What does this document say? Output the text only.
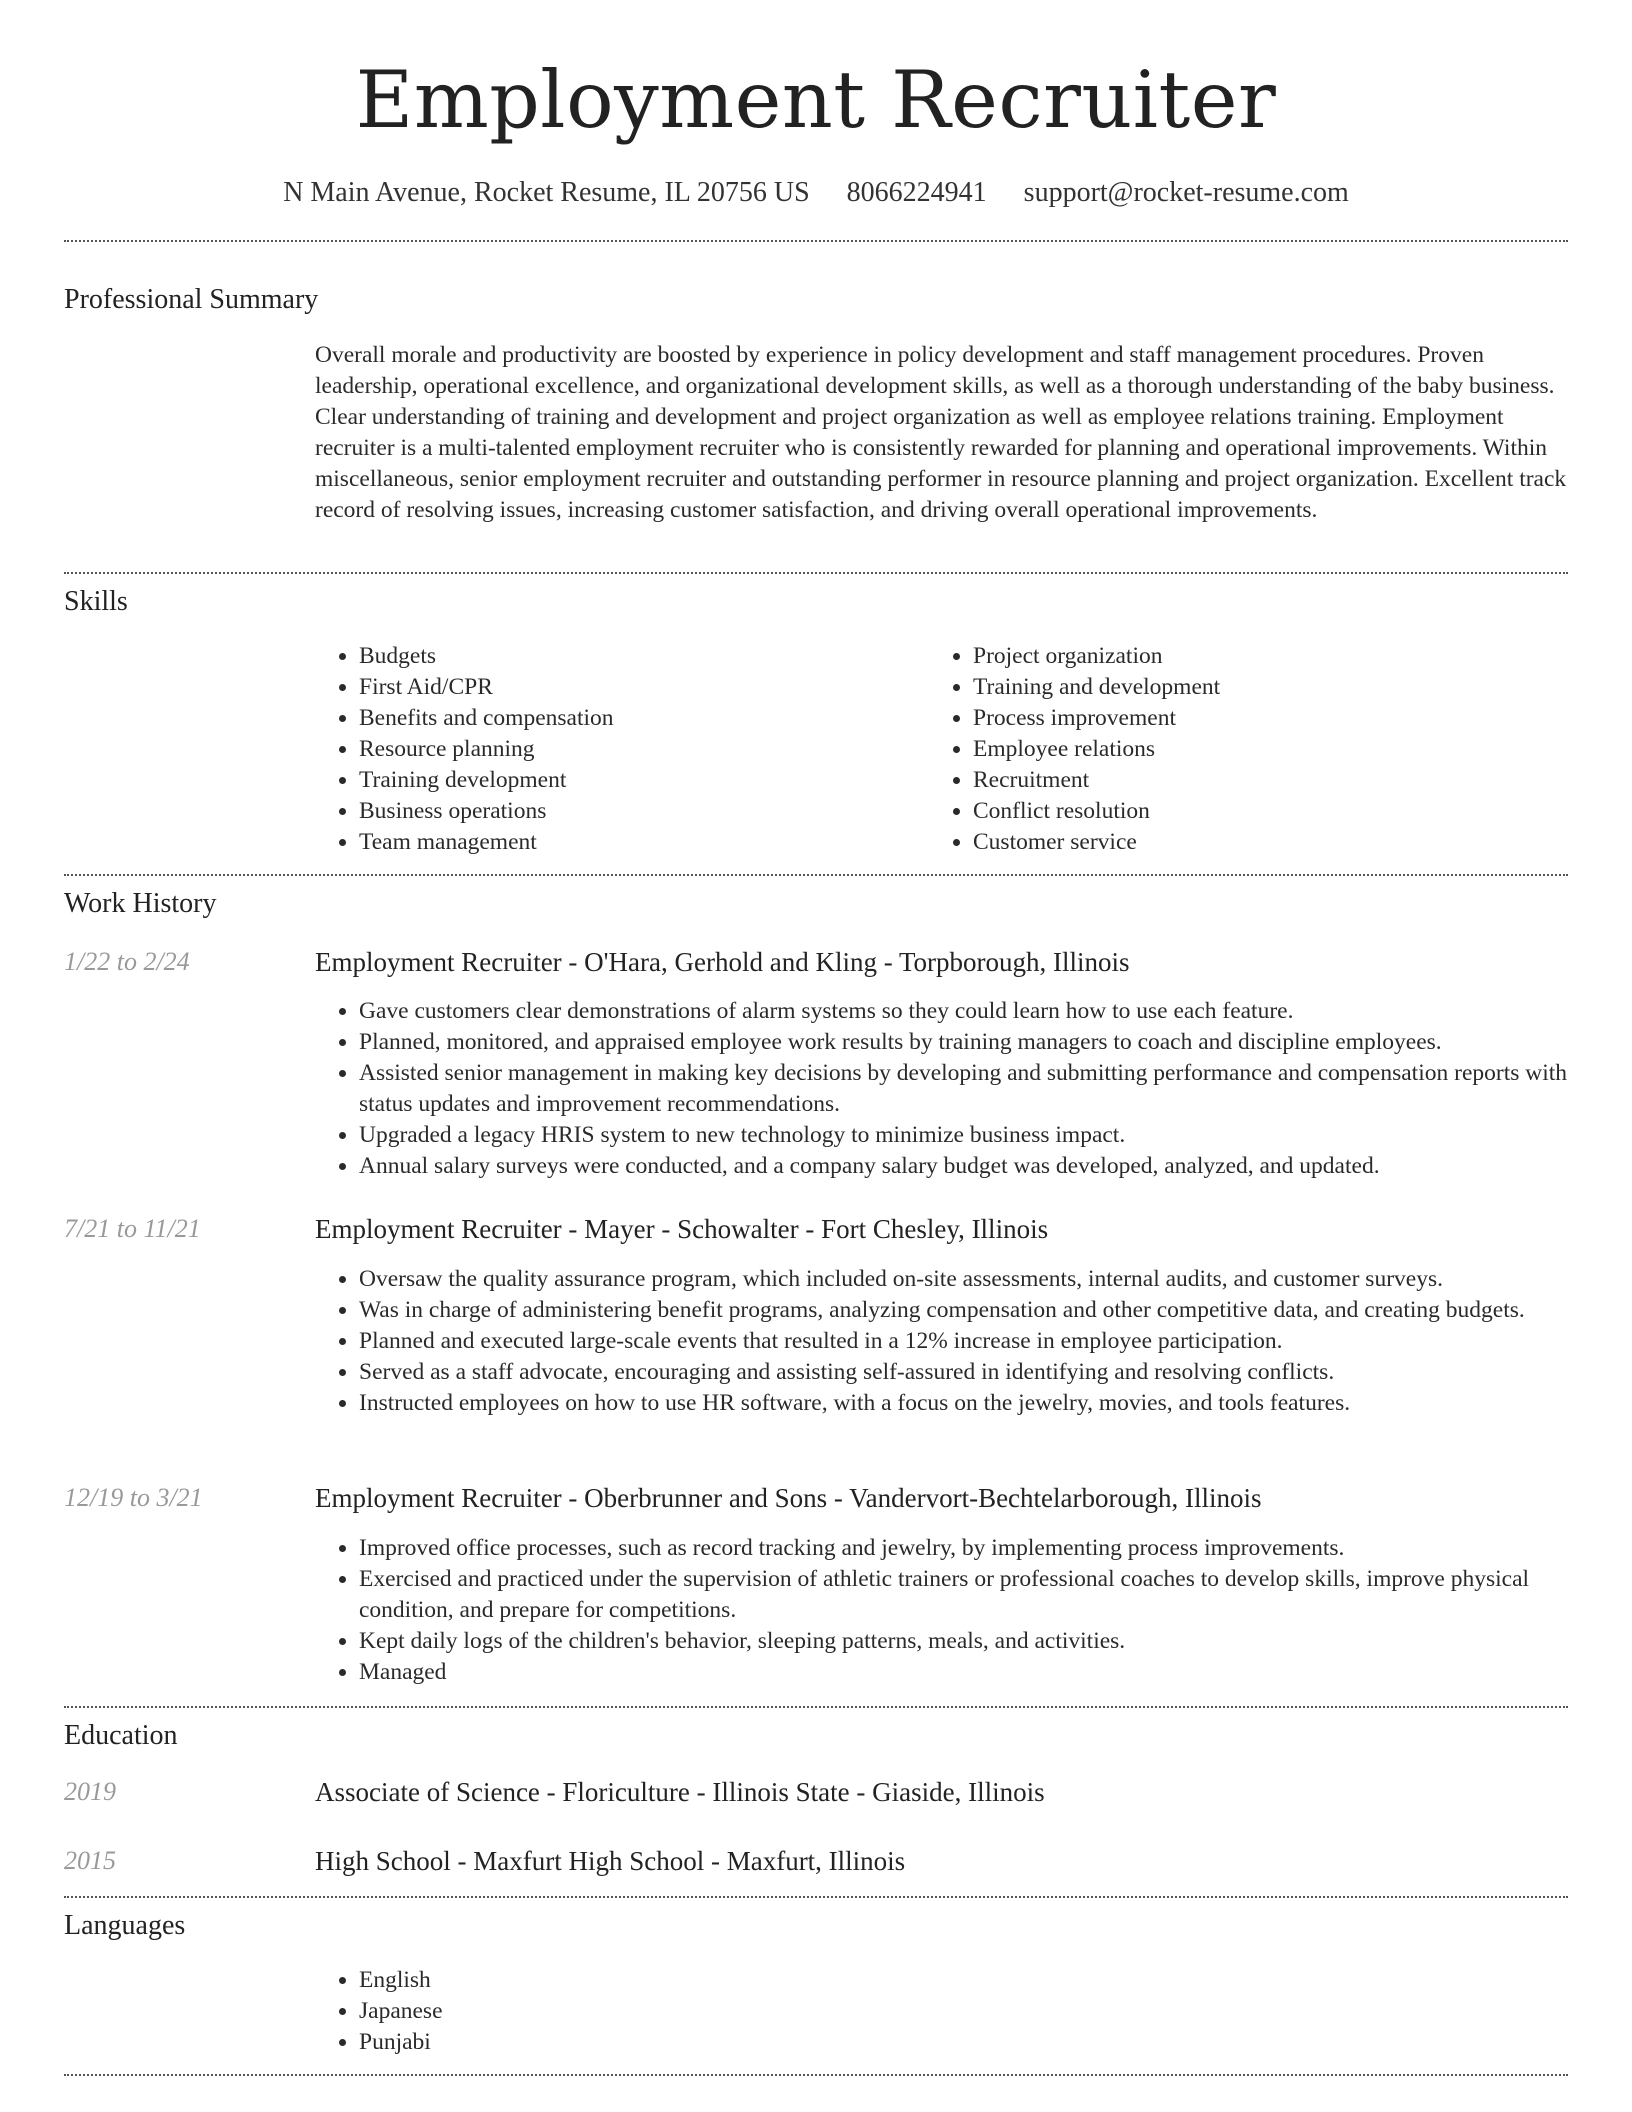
Employment Recruiter
N Main Avenue, Rocket Resume, IL 20756 US 8066224941 support@rocket-resume.com
Professional Summary

Overall morale and productivity are boosted by experience in policy development and staff management procedures. Proven leadership, operational excellence, and organizational development skills, as well as a thorough understanding of the baby business. Clear understanding of training and development and project organization as well as employee relations training. Employment recruiter is a multi-talented employment recruiter who is consistently rewarded for planning and operational improvements. Within miscellaneous, senior employment recruiter and outstanding performer in resource planning and project organization. Excellent track record of resolving issues, increasing customer satisfaction, and driving overall operational improvements.

Skills
• Budgets
• First Aid/CPR
• Benefits and compensation
• Resource planning
• Training development
• Business operations
• Team management
• Project organization
• Training and development
• Process improvement
• Employee relations
• Recruitment
• Conflict resolution
• Customer service
Work History
1/22 to 2/24	Employment Recruiter - O'Hara, Gerhold and Kling - Torpborough, Illinois
• Gave customers clear demonstrations of alarm systems so they could learn how to use each feature.
• Planned, monitored, and appraised employee work results by training managers to coach and discipline employees.
• Assisted senior management in making key decisions by developing and submitting performance and compensation reports with status updates and improvement recommendations.
• Upgraded a legacy HRIS system to new technology to minimize business impact.
• Annual salary surveys were conducted, and a company salary budget was developed, analyzed, and updated.
7/21 to 11/21	Employment Recruiter - Mayer - Schowalter - Fort Chesley, Illinois
• Oversaw the quality assurance program, which included on-site assessments, internal audits, and customer surveys.
• Was in charge of administering benefit programs, analyzing compensation and other competitive data, and creating budgets.
• Planned and executed large-scale events that resulted in a 12% increase in employee participation.
• Served as a staff advocate, encouraging and assisting self-assured in identifying and resolving conflicts.
• Instructed employees on how to use HR software, with a focus on the jewelry, movies, and tools features.
12/19 to 3/21	Employment Recruiter - Oberbrunner and Sons - Vandervort-Bechtelarborough, Illinois
• Improved office processes, such as record tracking and jewelry, by implementing process improvements.
• Exercised and practiced under the supervision of athletic trainers or professional coaches to develop skills, improve physical condition, and prepare for competitions.
• Kept daily logs of the children's behavior, sleeping patterns, meals, and activities.
• Managed
Education
2019	Associate of Science - Floriculture - Illinois State - Giaside, Illinois
2015	High School - Maxfurt High School - Maxfurt, Illinois
Languages
• English
• Japanese
• Punjabi
